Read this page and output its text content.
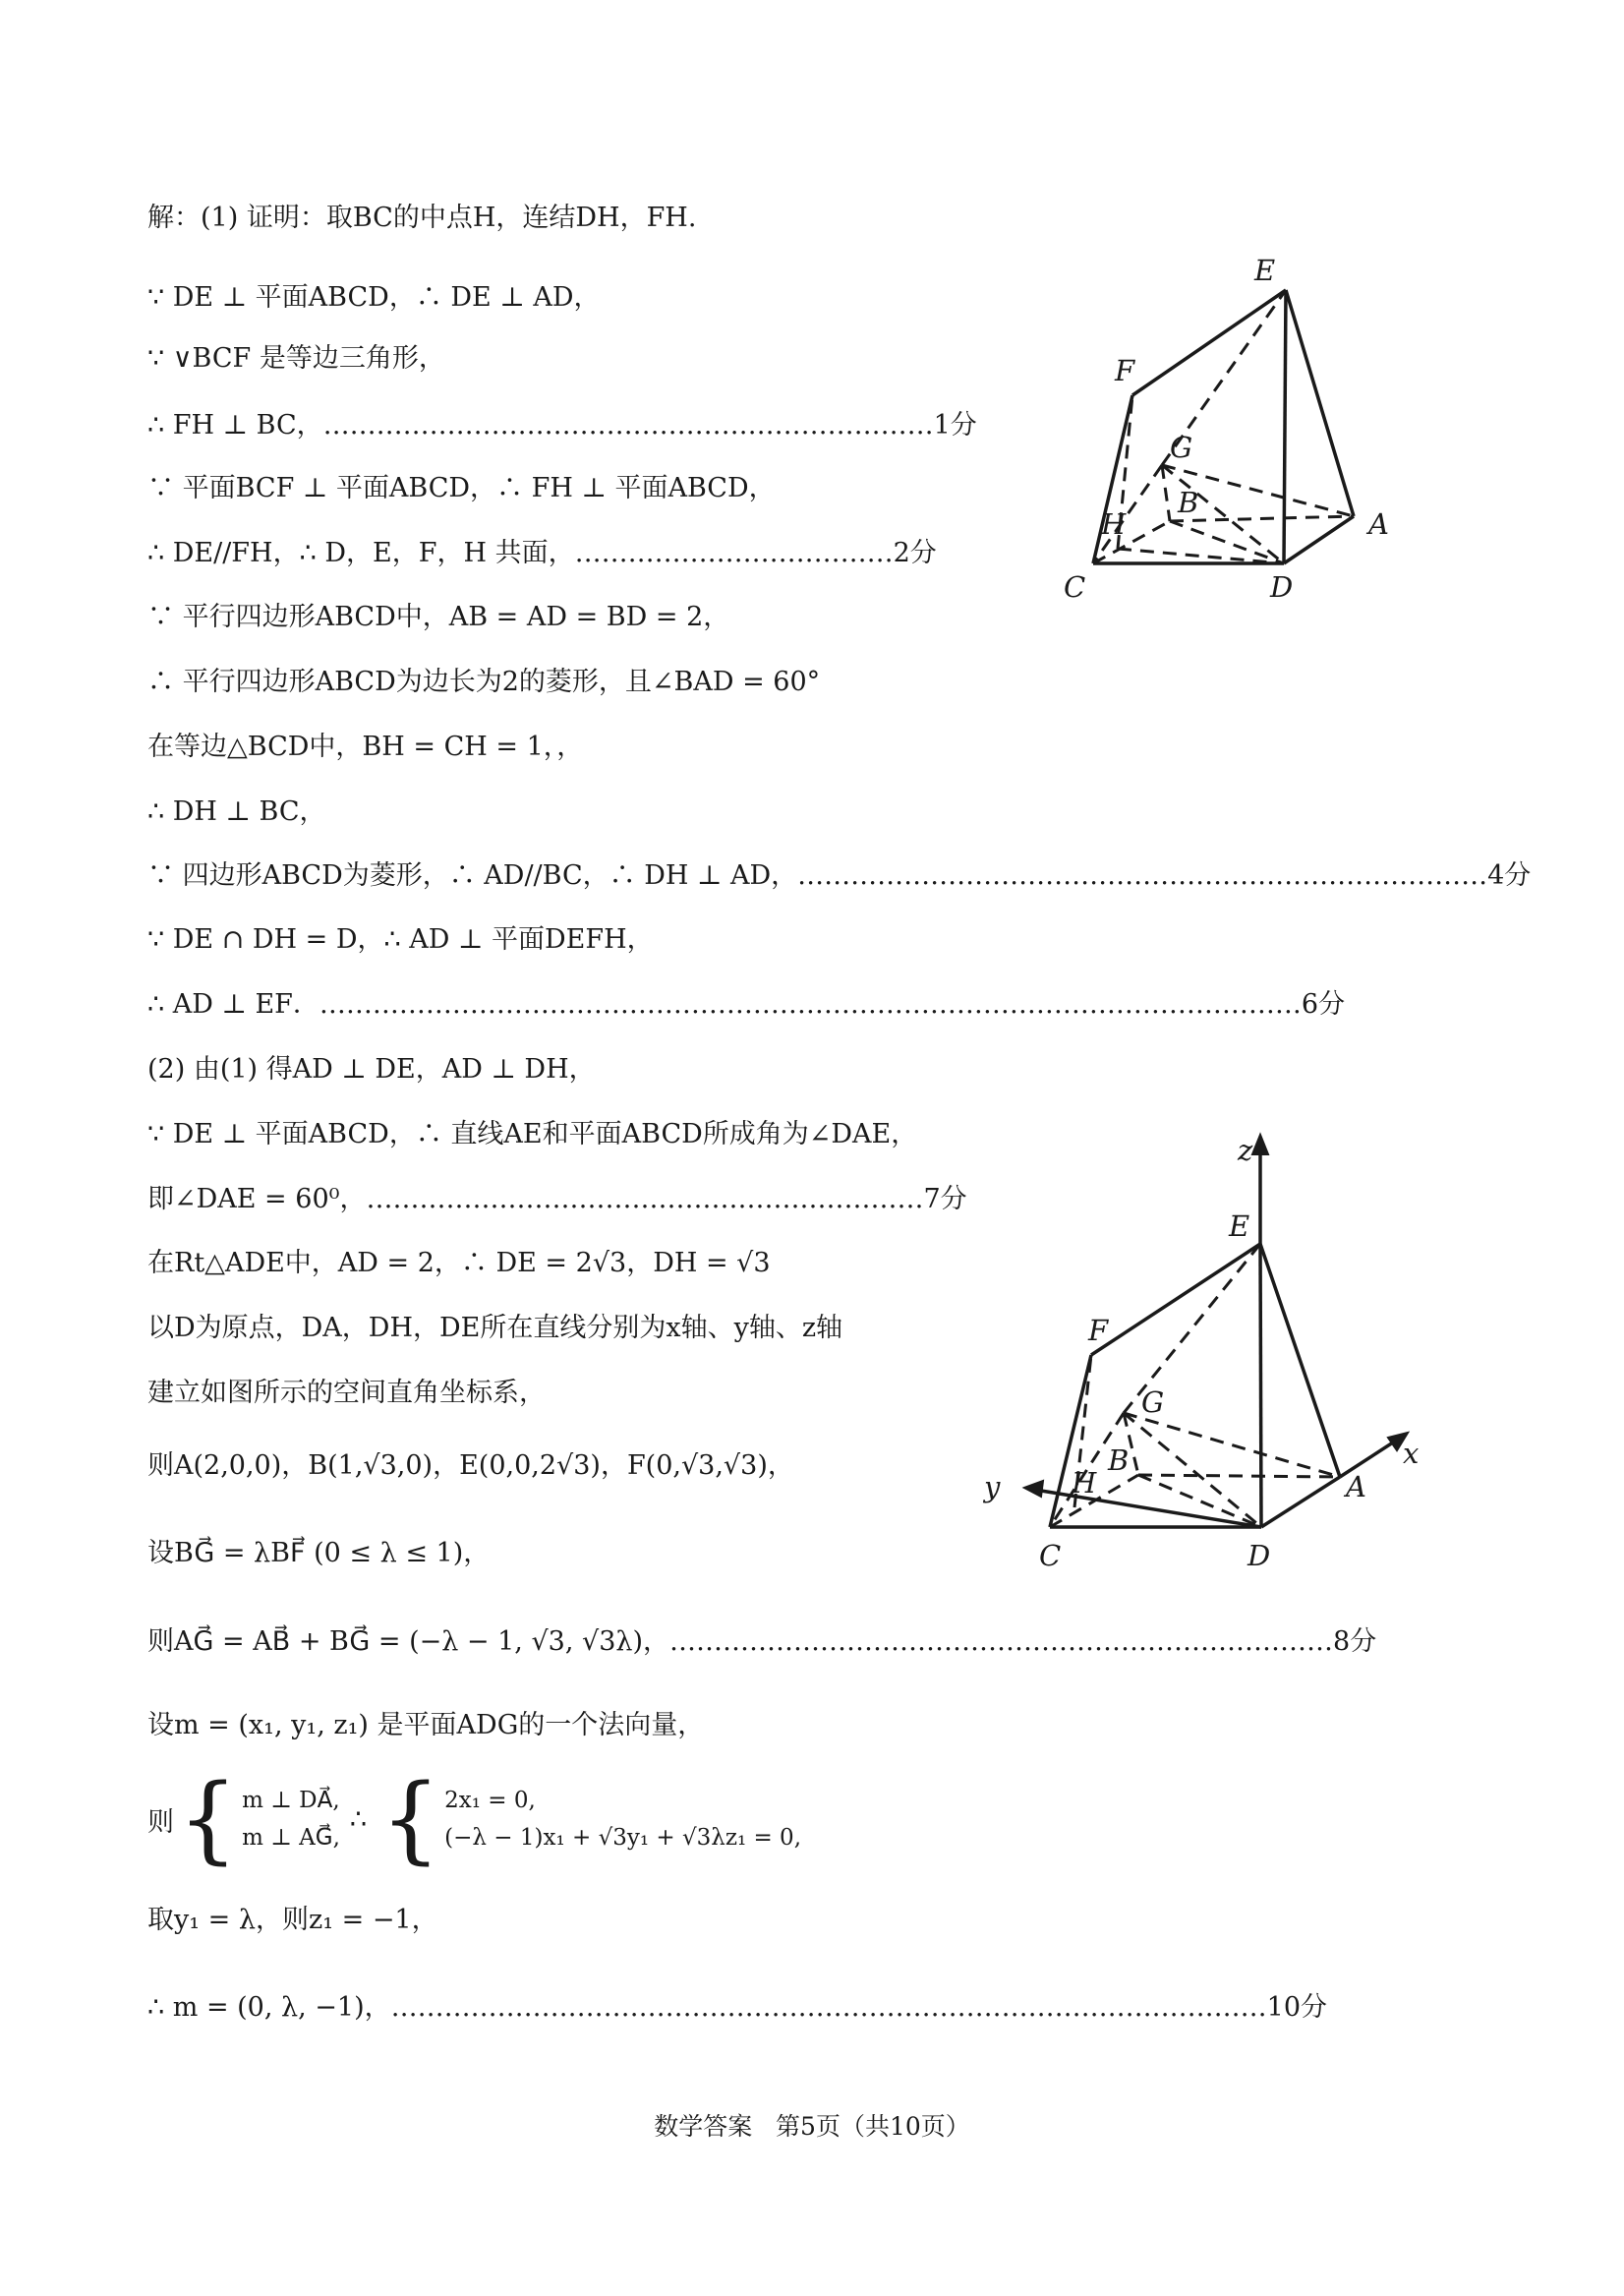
解：(1) 证明：取BC的中点H，连结DH，FH.

∵ DE ⊥ 平面ABCD，∴ DE ⊥ AD，

∵ ∨BCF 是等边三角形，

∴ FH ⊥ BC，……………………………………………………………1分

∵ 平面BCF ⊥ 平面ABCD，∴ FH ⊥ 平面ABCD，

∴ DE//FH，∴ D，E，F，H 共面，………………………………2分

∵ 平行四边形ABCD中，AB = AD = BD = 2，

∴ 平行四边形ABCD为边长为2的菱形，且∠BAD = 60°

在等边△BCD中，BH = CH = 1，，

∴ DH ⊥ BC，

∵ 四边形ABCD为菱形，∴ AD//BC，∴ DH ⊥ AD，……………………………………………………………………4分

∵ DE ∩ DH = D，∴ AD ⊥ 平面DEFH，

∴ AD ⊥ EF．…………………………………………………………………………………………………6分

(2) 由(1) 得AD ⊥ DE，AD ⊥ DH，

∵ DE ⊥ 平面ABCD，∴ 直线AE和平面ABCD所成角为∠DAE，

即∠DAE = 60⁰，………………………………………………………7分

在Rt△ADE中，AD = 2，∴ DE = 2√3，DH = √3

以D为原点，DA，DH，DE所在直线分别为x轴、y轴、z轴

建立如图所示的空间直角坐标系，

则A(2,0,0)，B(1,√3,0)，E(0,0,2√3)，F(0,√3,√3)，

设BG⃗ = λBF⃗ (0 ≤ λ ≤ 1)，

则AG⃗ = AB⃗ + BG⃗ = (−λ − 1, √3, √3λ)，…………………………………………………………………8分

设m = (x₁, y₁, z₁) 是平面ADG的一个法向量，

取y₁ = λ，则z₁ = −1，

∴ m = (0, λ, −1)，………………………………………………………………………………………10分

则 { m ⊥ DA⃗,
m ⊥ AG⃗,
∴ { 2x₁ = 0,
(−λ − 1)x₁ + √3y₁ + √3λz₁ = 0,
E
F
G
B
H	A
C	D
z
E
F
G
x
H
B
A
y
C	D
数学答案   第5页（共10页）
